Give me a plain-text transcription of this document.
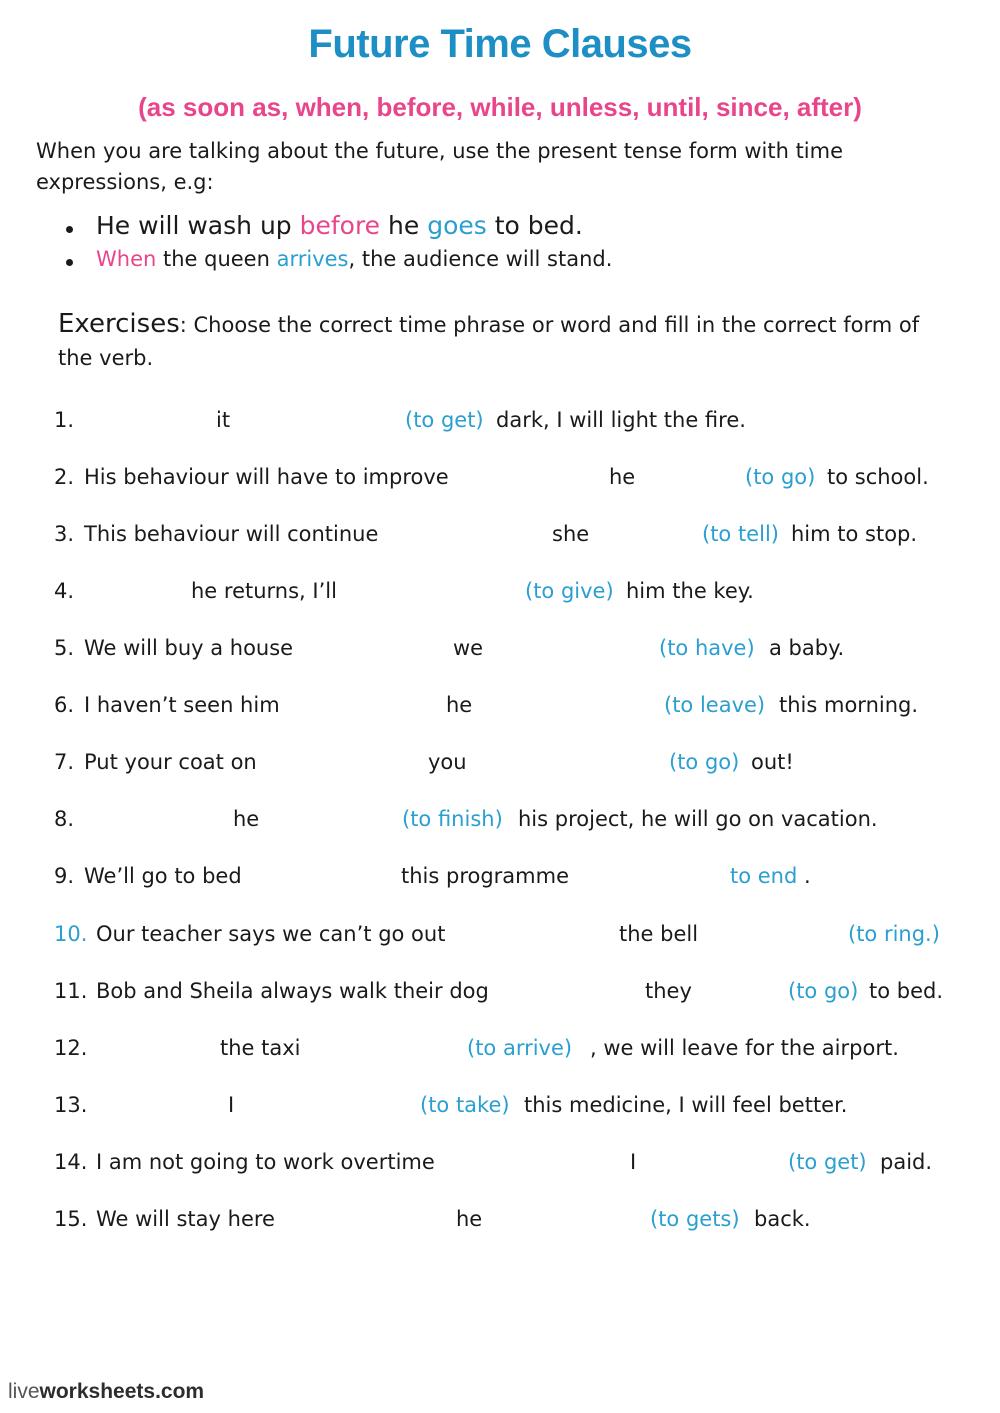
Future Time Clauses
(as soon as, when, before, while, unless, until, since, after)
When you are talking about the future, use the present tense form with time expressions, e.g:
He will wash up before he goes to bed.
When the queen arrives, the audience will stand.
Exercises: Choose the correct time phrase or word and fill in the correct form of the verb.
1.	it	(to get) dark, I will light the fire.
2. His behaviour will have to improve	he	(to go) to school.
3. This behaviour will continue	she	(to tell) him to stop.
4.	he returns, I’ll	(to give) him the key.
5. We will buy a house	we	(to have) a baby.
6. I haven’t seen him	he	(to leave) this morning.
7. Put your coat on	you	(to go) out!
8.	he	(to finish) his project, he will go on vacation.
9. We’ll go to bed	this programme	to end .
10. Our teacher says we can’t go out	the bell	(to ring.)
11. Bob and Sheila always walk their dog	they	(to go) to bed.
12.	the taxi	(to arrive) , we will leave for the airport.
13.	I	(to take) this medicine, I will feel better.
14. I am not going to work overtime	I	(to get) paid.
15. We will stay here	he	(to gets) back.
liveworksheets.com
